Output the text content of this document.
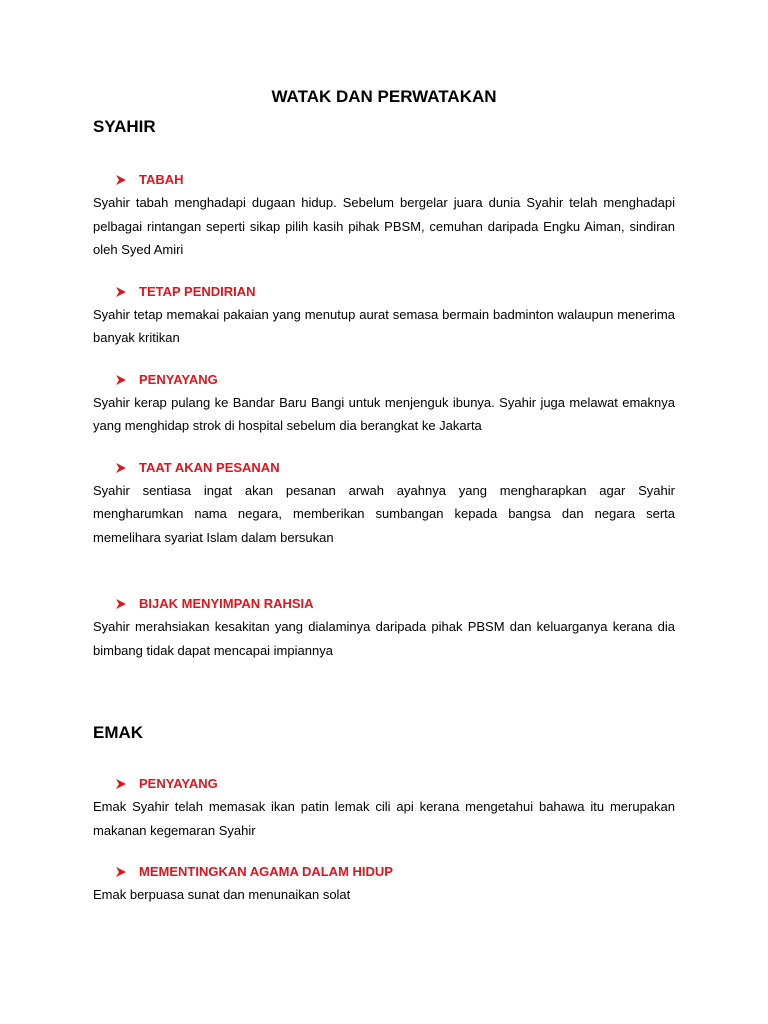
WATAK DAN PERWATAKAN
SYAHIR
TABAH

Syahir tabah menghadapi dugaan hidup. Sebelum bergelar juara dunia Syahir telah menghadapi pelbagai rintangan seperti sikap pilih kasih pihak PBSM, cemuhan daripada Engku Aiman, sindiran oleh Syed Amiri

TETAP PENDIRIAN

Syahir tetap memakai pakaian yang menutup aurat semasa bermain badminton walaupun menerima banyak kritikan

PENYAYANG

Syahir kerap pulang ke Bandar Baru Bangi untuk menjenguk ibunya. Syahir juga melawat emaknya yang menghidap strok di hospital sebelum dia berangkat ke Jakarta

TAAT AKAN PESANAN

Syahir sentiasa ingat akan pesanan arwah ayahnya yang mengharapkan agar Syahir mengharumkan nama negara, memberikan sumbangan kepada bangsa dan negara serta memelihara syariat Islam dalam bersukan

BIJAK MENYIMPAN RAHSIA

Syahir merahsiakan kesakitan yang dialaminya daripada pihak PBSM dan keluarganya kerana dia bimbang tidak dapat mencapai impiannya

EMAK
PENYAYANG

Emak Syahir telah memasak ikan patin lemak cili api kerana mengetahui bahawa itu merupakan makanan kegemaran Syahir

MEMENTINGKAN AGAMA DALAM HIDUP

Emak berpuasa sunat dan menunaikan solat
